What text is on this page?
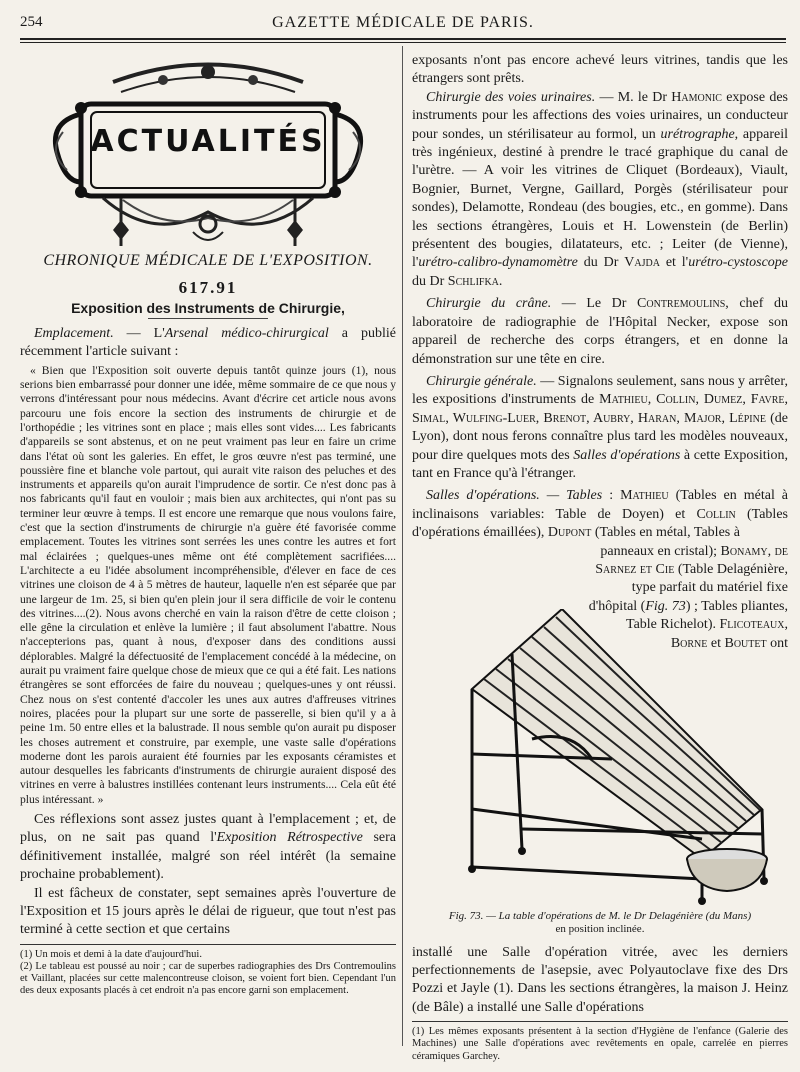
254	GAZETTE MÉDICALE DE PARIS.
ACTUALITÉS
CHRONIQUE MÉDICALE DE L'EXPOSITION.
617.91
Exposition des Instruments de Chirurgie,

Emplacement. — L'Arsenal médico-chirurgical a publié récemment l'article suivant :

« Bien que l'Exposition soit ouverte depuis tantôt quinze jours (1), nous serions bien embarrassé pour donner une idée, même sommaire de ce que nous y verrons d'intéressant pour nous médecins. Avant d'écrire cet article nous avons parcouru une fois encore la section des instruments de chirurgie et de l'orthopédie ; les vitrines sont en place ; mais elles sont vides.... Les fabricants d'appareils se sont abstenus, et on ne peut vraiment pas leur en faire un crime dans l'état où sont les galeries. En effet, le gros œuvre n'est pas terminé, une poussière fine et blanche vole partout, qui aurait vite raison des peluches et des instruments et appareils qu'on aurait l'imprudence de sortir. Ce n'est donc pas à nos fabricants qu'il faut en vouloir ; mais bien aux architectes, qui n'ont pas su terminer leur œuvre à temps. Il est encore une remarque que nous voulons faire, c'est que la section d'instruments de chirurgie n'a guère été favorisée comme emplacement. Toutes les vitrines sont serrées les unes contre les autres et fort mal éclairées ; quelques-unes même ont été complètement sacrifiées.... L'architecte a eu l'idée absolument incompréhensible, d'élever en face de ces vitrines une cloison de 4 à 5 mètres de hauteur, laquelle n'en est séparée que par une largeur de 1m. 25, si bien qu'en plein jour il sera difficile de voir le contenu des vitrines....(2). Nous avons cherché en vain la raison d'être de cette cloison ; elle gêne la circulation et enlève la lumière ; il faut absolument l'abattre. Nous n'accepterions pas, quant à nous, d'exposer dans des conditions aussi déplorables. Malgré la défectuosité de l'emplacement concédé à la médecine, on aurait pu vraiment faire quelque chose de mieux que ce qui a été fait. Les nations étrangères se sont efforcées de faire du nouveau ; quelques-unes y ont réussi. Chez nous on s'est contenté d'accoler les unes aux autres d'affreuses vitrines noires, placées pour la plupart sur une sorte de passerelle, si bien qu'il y a à peine 1m. 50 entre elles et la balustrade. Il nous semble qu'on aurait pu disposer les choses autrement et construire, par exemple, une vaste salle d'opérations moderne dont les parois auraient été fournies par les exposants céramistes et autour desquelles les fabricants d'instruments de chirurgie auraient disposé des vitrines en verre à balustres instillées contenant leurs instruments.... Cela eût été plus intéressant. »

Ces réflexions sont assez justes quant à l'emplacement ; et, de plus, on ne sait pas quand l'Exposition Rétrospective sera définitivement installée, malgré son réel intérêt (la semaine prochaine probablement).

Il est fâcheux de constater, sept semaines après l'ouverture de l'Exposition et 15 jours après le délai de rigueur, que tout n'est pas terminé à cette section et que certains

(1) Un mois et demi à la date d'aujourd'hui.

(2) Le tableau est poussé au noir ; car de superbes radiographies des Drs Contremoulins et Vaillant, placées sur cette malencontreuse cloison, se voient fort bien. Cependant l'un des deux exposants placés à cet endroit n'a pas encore garni son emplacement.

exposants n'ont pas encore achevé leurs vitrines, tandis que les étrangers sont prêts.

Chirurgie des voies urinaires. — M. le Dr Hamonic expose des instruments pour les affections des voies urinaires, un conducteur pour sondes, un stérilisateur au formol, un urétrographe, appareil très ingénieux, destiné à prendre le tracé graphique du canal de l'urètre. — A voir les vitrines de Cliquet (Bordeaux), Viault, Bognier, Burnet, Vergne, Gaillard, Porgès (stérilisateur pour sondes), Delamotte, Rondeau (des bougies, etc., en gomme). Dans les sections étrangères, Louis et H. Lowenstein (de Berlin) présentent des bougies, dilatateurs, etc. ; Leiter (de Vienne), l'urétro-calibro-dynamomètre du Dr Vajda et l'urétro-cystoscope du Dr Schlifka.

Chirurgie du crâne. — Le Dr Contremoulins, chef du laboratoire de radiographie de l'Hôpital Necker, expose son appareil de recherche des corps étrangers, et en donne la démonstration sur une tête en cire.

Chirurgie générale. — Signalons seulement, sans nous y arrêter, les expositions d'instruments de Mathieu, Collin, Dumez, Favre, Simal, Wulfing-Luer, Brenot, Aubry, Haran, Major, Lépine (de Lyon), dont nous ferons connaître plus tard les modèles nouveaux, pour dire quelques mots des Salles d'opérations à cette Exposition, tant en France qu'à l'étranger.

Salles d'opérations. — Tables : Mathieu (Tables en métal à inclinaisons variables: Table de Doyen) et Collin (Tables d'opérations émaillées), Dupont (Tables en métal, Tables à

panneaux en cristal); Bonamy, de Sarnez et Cie (Table Delagénière, type parfait du matériel fixe d'hôpital (Fig. 73) ; Tables pliantes, Table Richelot). Flicoteaux, Borne et Boutet ont

Fig. 73. — La table d'opérations de M. le Dr Delagénière (du Mans)
en position inclinée.

installé une Salle d'opération vitrée, avec les derniers perfectionnements de l'asepsie, avec Polyautoclave fixe des Drs Pozzi et Jayle (1). Dans les sections étrangères, la maison J. Heinz (de Bâle) a installé une Salle d'opérations

(1) Les mêmes exposants présentent à la section d'Hygiène de l'enfance (Galerie des Machines) une Salle d'opérations avec revêtements en opale, carrelée en pierres céramiques Garchey.
